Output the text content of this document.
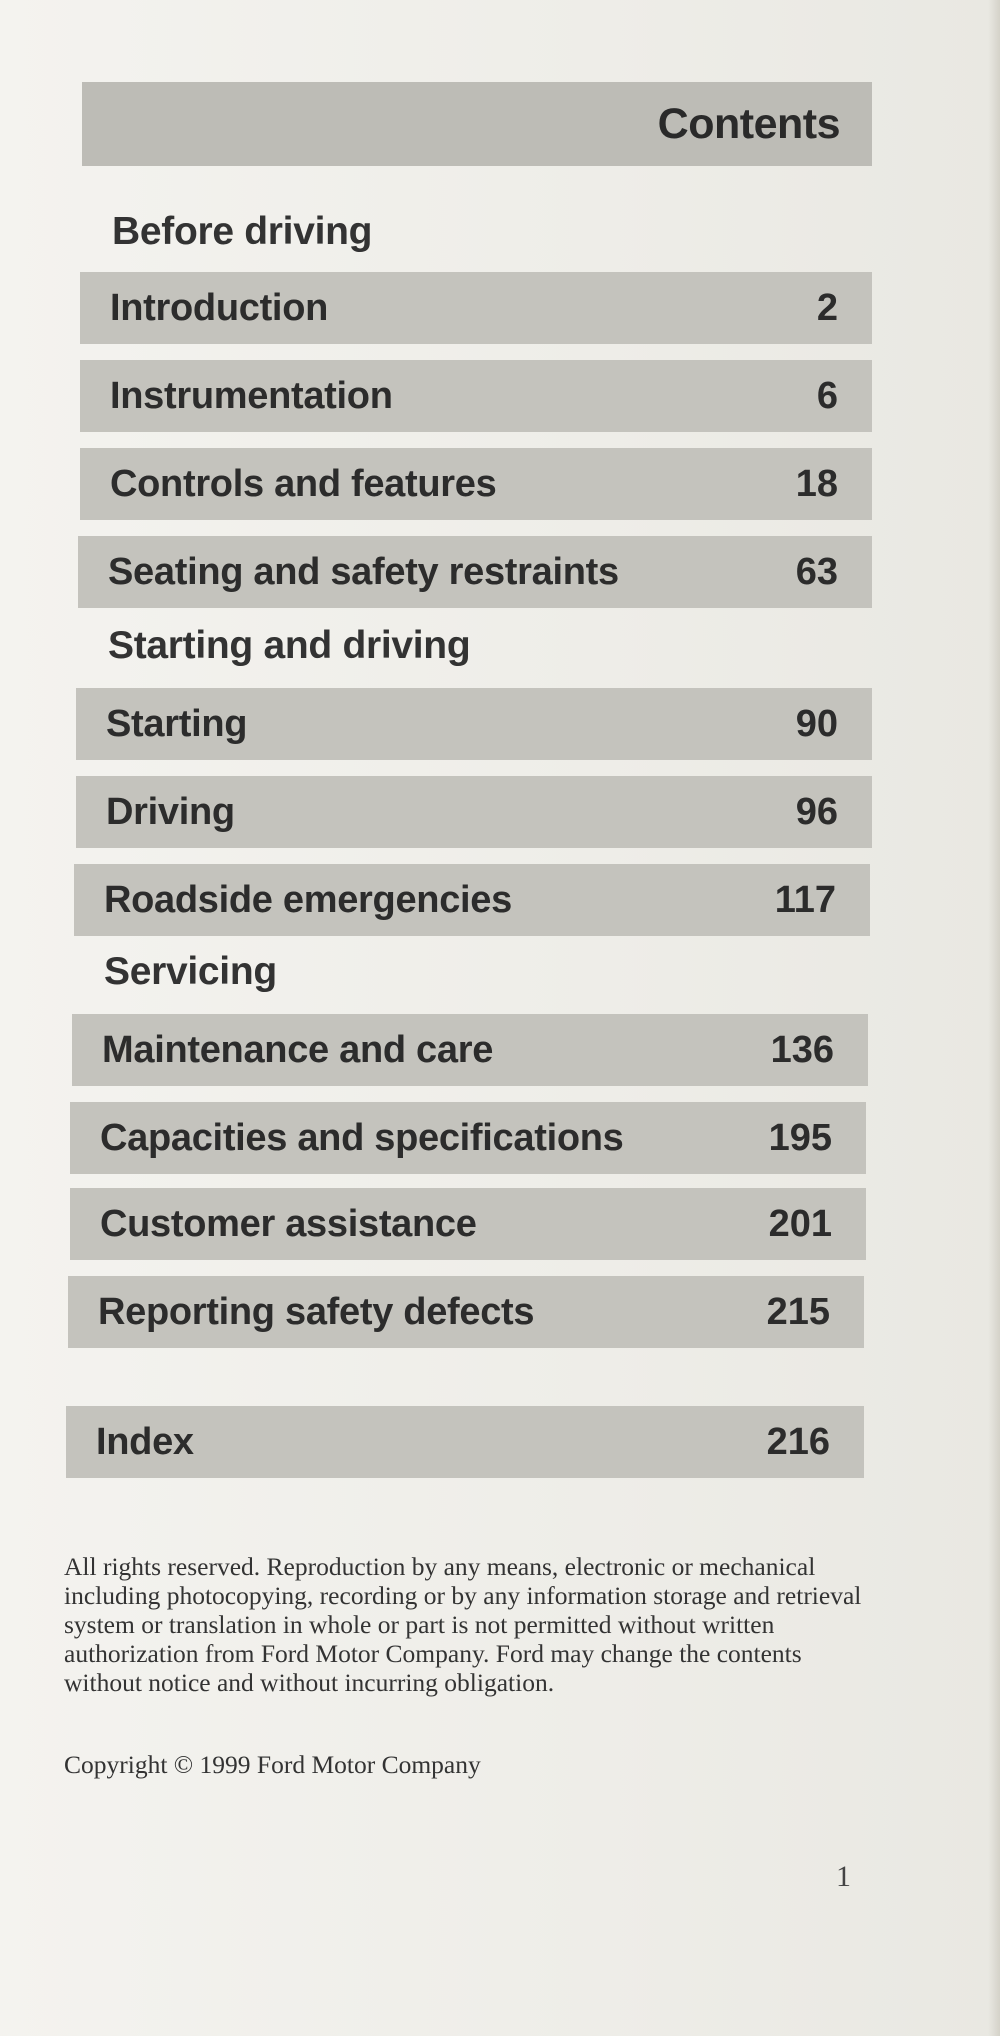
Contents
Before driving
Introduction	2
Instrumentation	6
Controls and features	18
Seating and safety restraints	63
Starting and driving
Starting	90
Driving	96
Roadside emergencies	117
Servicing
Maintenance and care	136
Capacities and specifications	195
Customer assistance	201
Reporting safety defects	215
Index	216
All rights reserved. Reproduction by any means, electronic or mechanical including photocopying, recording or by any information storage and retrieval system or translation in whole or part is not permitted without written authorization from Ford Motor Company. Ford may change the contents without notice and without incurring obligation.
Copyright © 1999 Ford Motor Company
1
